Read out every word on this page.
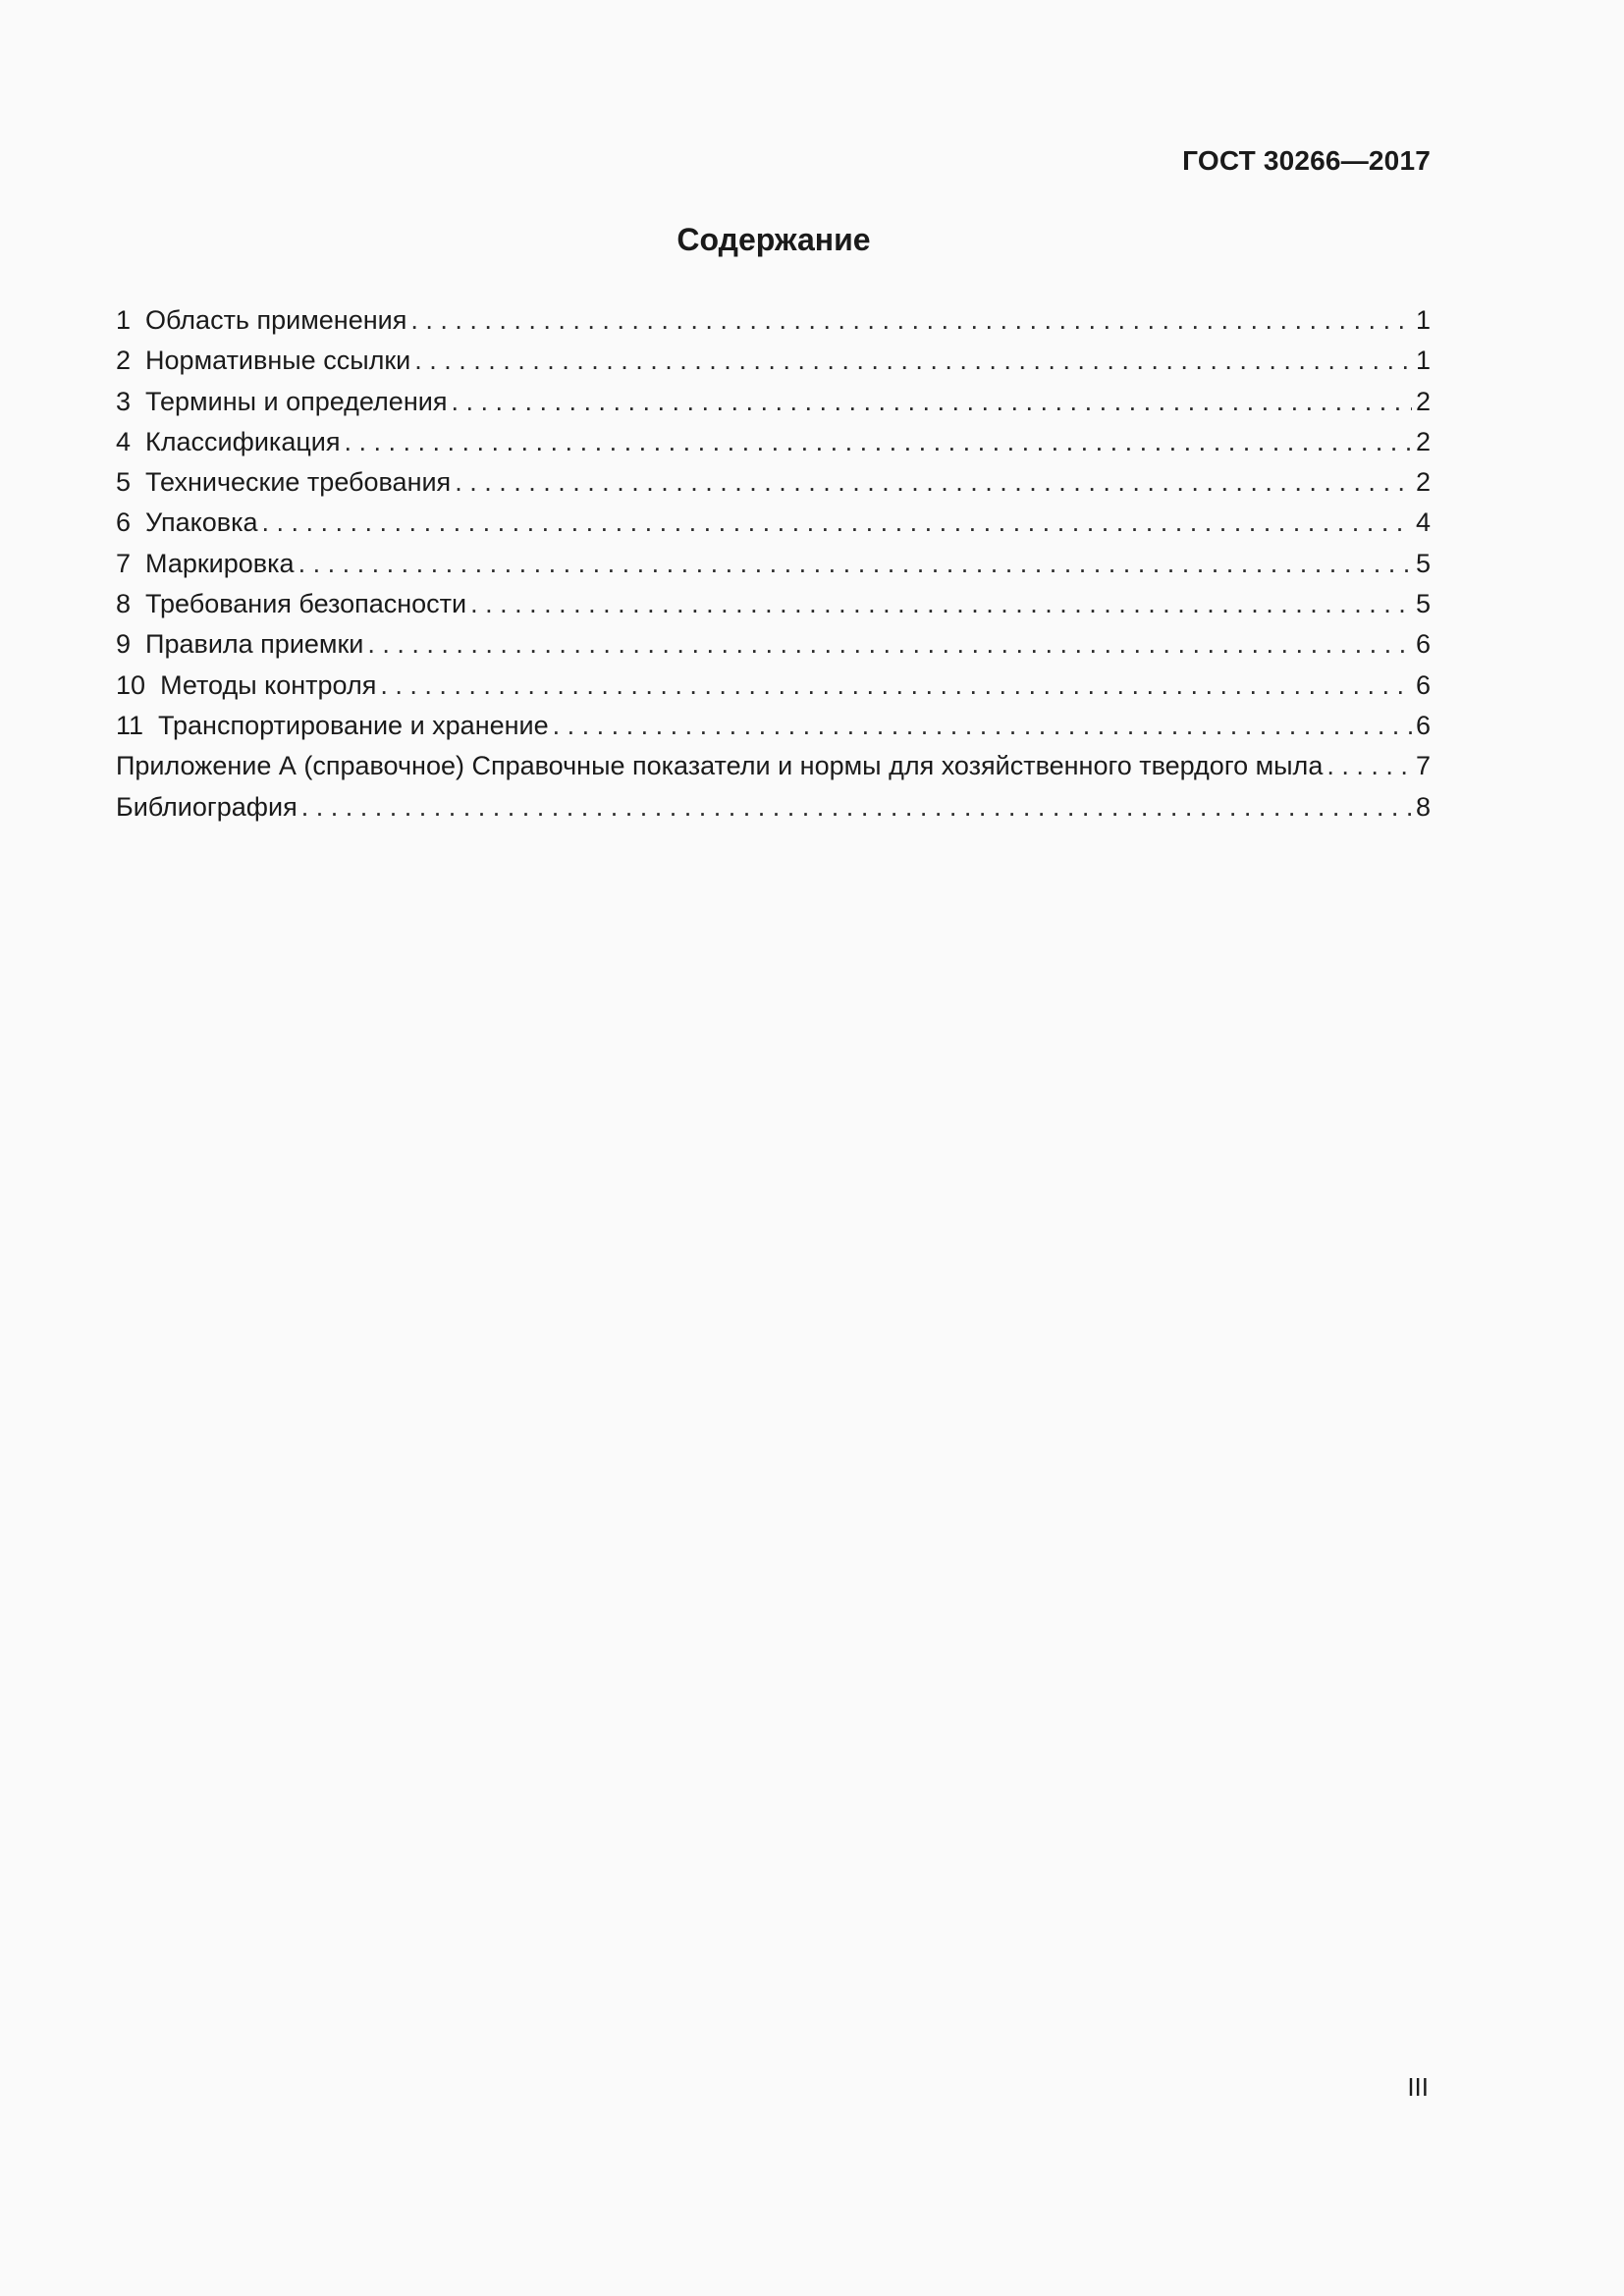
ГОСТ 30266—2017
Содержание
1 Область применения . . .	1
2 Нормативные ссылки . . .	1
3 Термины и определения . . .	2
4 Классификация . . .	2
5 Технические требования . . .	2
6 Упаковка . . .	4
7 Маркировка . . .	5
8 Требования безопасности . . .	5
9 Правила приемки . . .	6
10 Методы контроля . . .	6
11 Транспортирование и хранение . . .	6
Приложение А (справочное) Справочные показатели и нормы для хозяйственного твердого мыла . . .	7
Библиография . . .	8
III
